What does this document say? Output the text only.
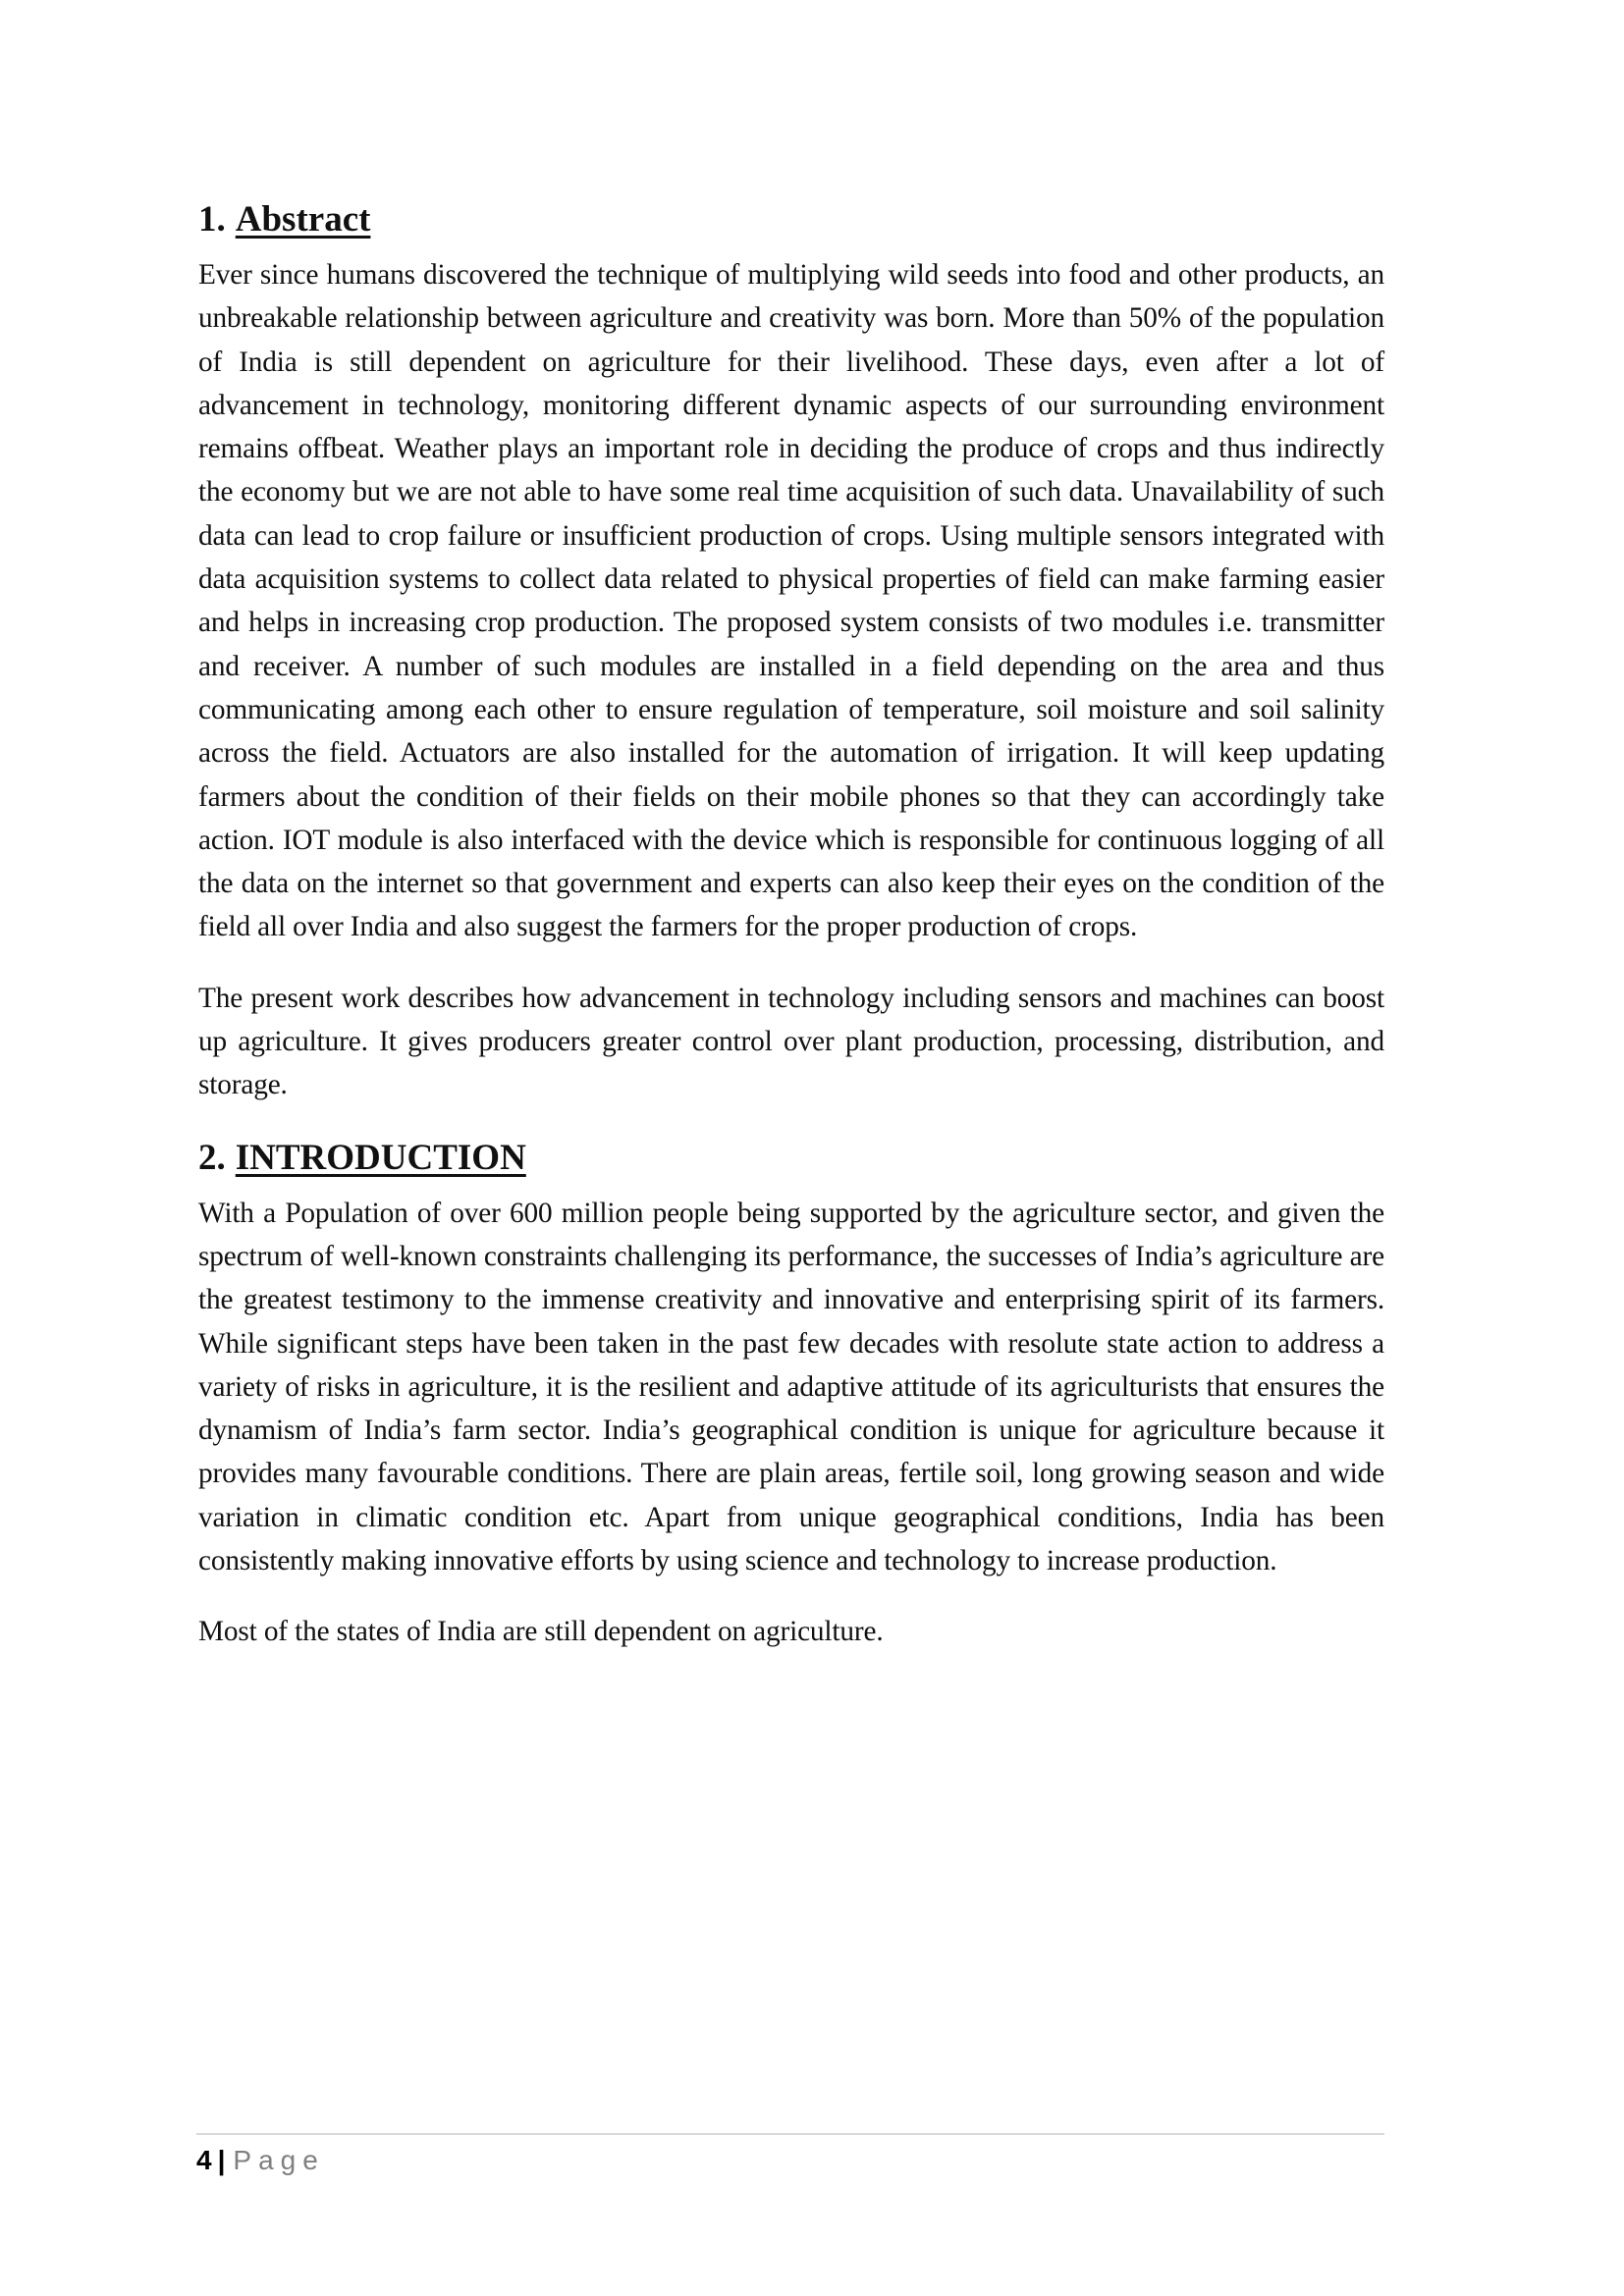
1. Abstract

Ever since humans discovered the technique of multiplying wild seeds into food and other products, an unbreakable relationship between agriculture and creativity was born. More than 50% of the population of India is still dependent on agriculture for their livelihood. These days, even after a lot of advancement in technology, monitoring different dynamic aspects of our surrounding environment remains offbeat. Weather plays an important role in deciding the produce of crops and thus indirectly the economy but we are not able to have some real time acquisition of such data. Unavailability of such data can lead to crop failure or insufficient production of crops. Using multiple sensors integrated with data acquisition systems to collect data related to physical properties of field can make farming easier and helps in increasing crop production. The proposed system consists of two modules i.e. transmitter and receiver. A number of such modules are installed in a field depending on the area and thus communicating among each other to ensure regulation of temperature, soil moisture and soil salinity across the field. Actuators are also installed for the automation of irrigation. It will keep updating farmers about the condition of their fields on their mobile phones so that they can accordingly take action. IOT module is also interfaced with the device which is responsible for continuous logging of all the data on the internet so that government and experts can also keep their eyes on the condition of the field all over India and also suggest the farmers for the proper production of crops.

The present work describes how advancement in technology including sensors and machines can boost up agriculture. It gives producers greater control over plant production, processing, distribution, and storage.

2. INTRODUCTION

With a Population of over 600 million people being supported by the agriculture sector, and given the spectrum of well-known constraints challenging its performance, the successes of India’s agriculture are the greatest testimony to the immense creativity and innovative and enterprising spirit of its farmers. While significant steps have been taken in the past few decades with resolute state action to address a variety of risks in agriculture, it is the resilient and adaptive attitude of its agriculturists that ensures the dynamism of India’s farm sector. India’s geographical condition is unique for agriculture because it provides many favourable conditions. There are plain areas, fertile soil, long growing season and wide variation in climatic condition etc. Apart from unique geographical conditions, India has been consistently making innovative efforts by using science and technology to increase production.

Most of the states of India are still dependent on agriculture.

4 | Page
